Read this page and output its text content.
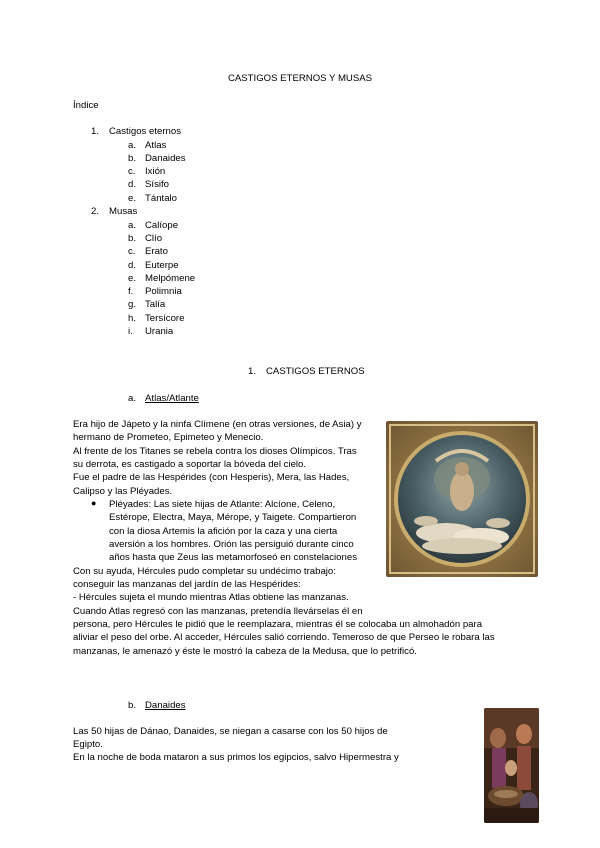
CASTIGOS ETERNOS Y MUSAS
Índice
1. Castigos eternos
a. Atlas
b. Danaides
c. Ixión
d. Sísifo
e. Tántalo
2. Musas
a. Calíope
b. Clío
c. Erato
d. Euterpe
e. Melpómene
f. Polimnia
g. Talía
h. Tersícore
i. Urania
1. CASTIGOS ETERNOS
a. Atlas/Atlante
Era hijo de Jápeto y la ninfa Clímene (en otras versiones, de Asia) y
hermano de Prometeo, Epimeteo y Menecio.
Al frente de los Titanes se rebela contra los dioses Olímpicos. Tras
su derrota, es castigado a soportar la bóveda del cielo.
Fue el padre de las Hespérides (con Hesperis), Mera, las Hades,
Calipso y las Pléyades.
● Pléyades: Las siete hijas de Atlante: Alcíone, Celeno,
Estérope, Electra, Maya, Mérope, y Taigete. Compartieron
con la diosa Artemis la afición por la caza y una cierta
aversión a los hombres. Orión las persiguió durante cinco
años hasta que Zeus las metamorfoseó en constelaciones
Con su ayuda, Hércules pudo completar su undécimo trabajo:
conseguir las manzanas del jardín de las Hespérides:
- Hércules sujeta el mundo mientras Atlas obtiene las manzanas.
Cuando Atlas regresó con las manzanas, pretendía llevárselas él en
persona, pero Hércules le pidió que le reemplazara, mientras él se colocaba un almohadón para
aliviar el peso del orbe. Al acceder, Hércules salió corriendo. Temeroso de que Perseo le robara las
manzanas, le amenazó y éste le mostró la cabeza de la Medusa, que lo petrificó.
b. Danaides
Las 50 hijas de Dánao, Danaides, se niegan a casarse con los 50 hijos de
Egipto.
En la noche de boda mataron a sus primos los egipcios, salvo Hipermestra y
